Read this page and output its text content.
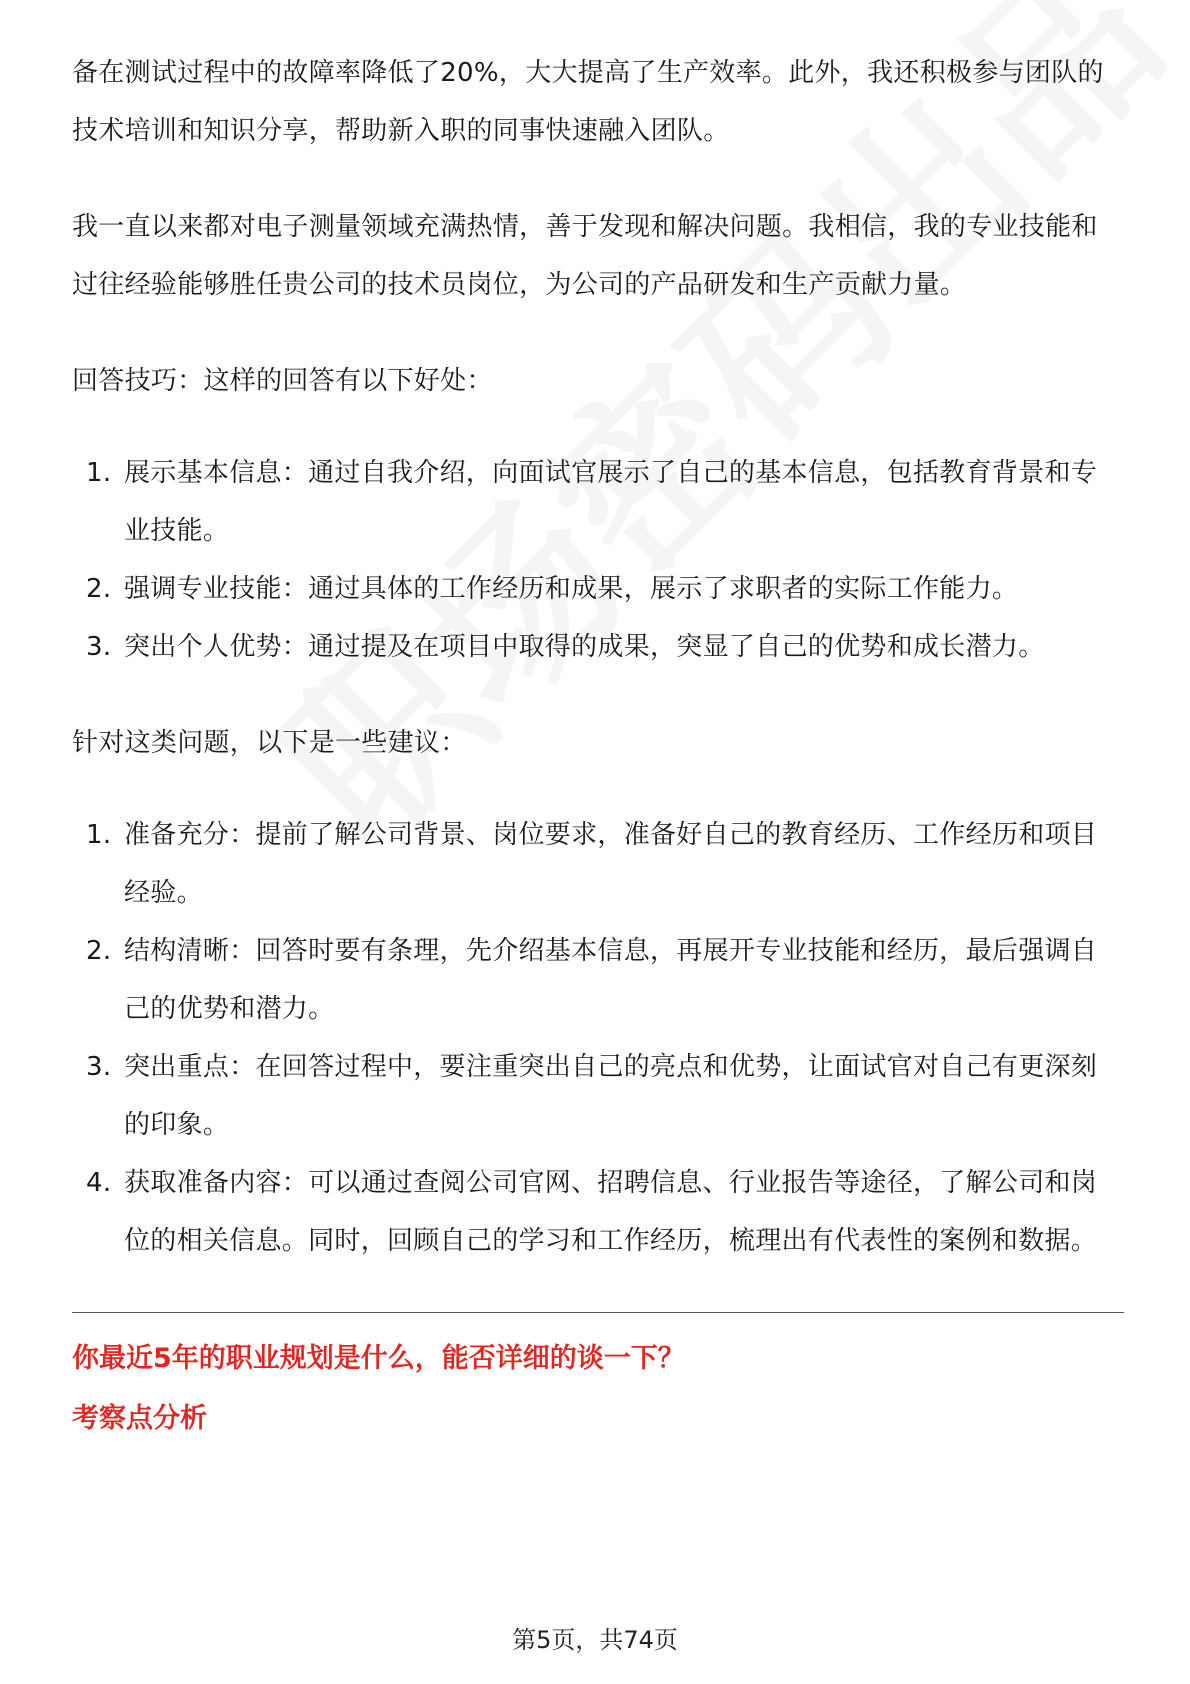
备在测试过程中的故障率降低了20%，大大提高了生产效率。此外，我还积极参与团队的技术培训和知识分享，帮助新入职的同事快速融入团队。

我一直以来都对电子测量领域充满热情，善于发现和解决问题。我相信，我的专业技能和过往经验能够胜任贵公司的技术员岗位，为公司的产品研发和生产贡献力量。

回答技巧：这样的回答有以下好处：

1. 展示基本信息：通过自我介绍，向面试官展示了自己的基本信息，包括教育背景和专业技能。
2. 强调专业技能：通过具体的工作经历和成果，展示了求职者的实际工作能力。
3. 突出个人优势：通过提及在项目中取得的成果，突显了自己的优势和成长潜力。

针对这类问题，以下是一些建议：

1. 准备充分：提前了解公司背景、岗位要求，准备好自己的教育经历、工作经历和项目经验。
2. 结构清晰：回答时要有条理，先介绍基本信息，再展开专业技能和经历，最后强调自己的优势和潜力。
3. 突出重点：在回答过程中，要注重突出自己的亮点和优势，让面试官对自己有更深刻的印象。
4. 获取准备内容：可以通过查阅公司官网、招聘信息、行业报告等途径，了解公司和岗位的相关信息。同时，回顾自己的学习和工作经历，梳理出有代表性的案例和数据。

你最近5年的职业规划是什么，能否详细的谈一下？

考察点分析

第5页，共74页
